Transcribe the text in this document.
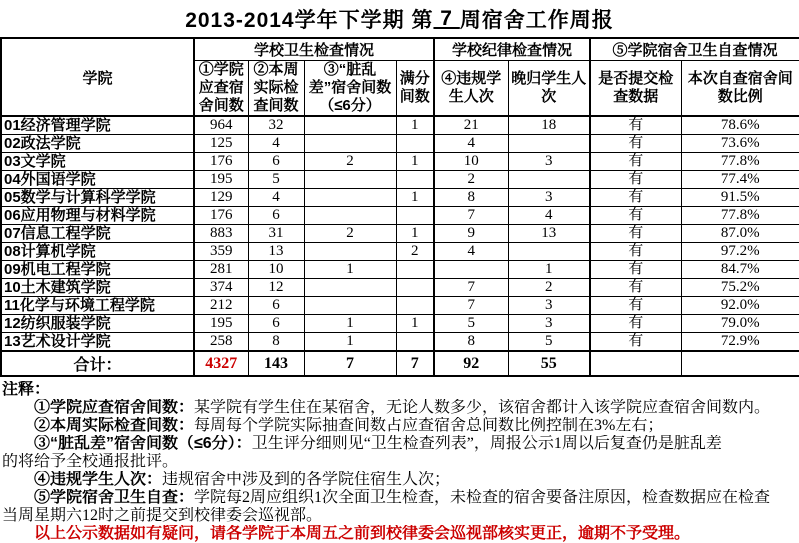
2013-2014学年下学期 第 7 周宿舍工作周报
学院	学校卫生检查情况				学校纪律检查情况		⑤学院宿舍卫生自查情况	
	①学院应查宿舍间数	②本周实际检查间数	③“脏乱差”宿舍间数（≤6分）	满分间数	④违规学生人次	晚归学生人次	是否提交检查数据	本次自查宿舍间数比例
01经济管理学院	964	32		1	21	18	有	78.6%
02政法学院	125	4			4		有	73.6%
03文学院	176	6	2	1	10	3	有	77.8%
04外国语学院	195	5			2		有	77.4%
05数学与计算科学学院	129	4		1	8	3	有	91.5%
06应用物理与材料学院	176	6			7	4	有	77.8%
07信息工程学院	883	31	2	1	9	13	有	87.0%
08计算机学院	359	13		2	4		有	97.2%
09机电工程学院	281	10	1			1	有	84.7%
10土木建筑学院	374	12			7	2	有	75.2%
11化学与环境工程学院	212	6			7	3	有	92.0%
12纺织服装学院	195	6	1	1	5	3	有	79.0%
13艺术设计学院	258	8	1		8	5	有	72.9%
合计：	4327	143	7	7	92	55		
注释：
①学院应查宿舍间数：某学院有学生住在某宿舍，无论人数多少，该宿舍都计入该学院应查宿舍间数内。
②本周实际检查间数：每周每个学院实际抽查间数占应查宿舍总间数比例控制在3%左右；
③“脏乱差”宿舍间数（≤6分）：卫生评分细则见“卫生检查列表”，周报公示1周以后复查仍是脏乱差
的将给予全校通报批评。
④违规学生人次：违规宿舍中涉及到的各学院住宿生人次；
⑤学院宿舍卫生自查：学院每2周应组织1次全面卫生检查，未检查的宿舍要备注原因，检查数据应在检查
当周星期六12时之前提交到校律委会巡视部。
以上公示数据如有疑问，请各学院于本周五之前到校律委会巡视部核实更正，逾期不予受理。
